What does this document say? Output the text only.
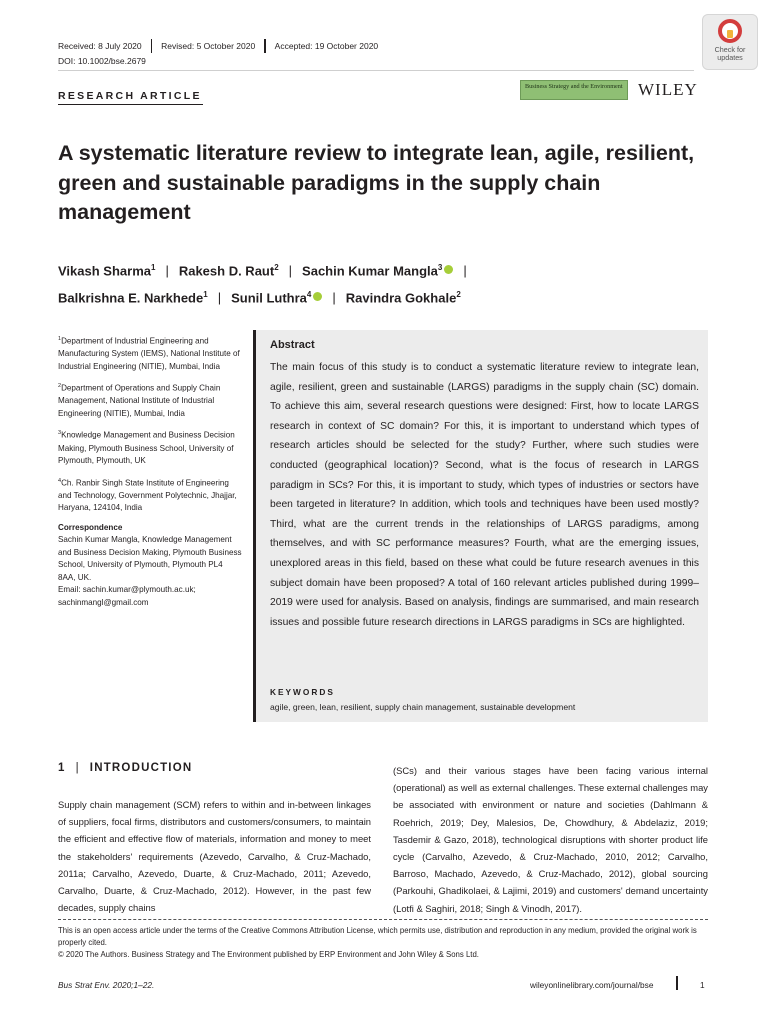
Received: 8 July 2020 Revised: 5 October 2020 Accepted: 19 October 2020
DOI: 10.1002/bse.2679
Check for updates
RESEARCH ARTICLE
Business Strategy and the Environment WILEY
A systematic literature review to integrate lean, agile, resilient, green and sustainable paradigms in the supply chain management
Vikash Sharma$^1$ | Rakesh D. Raut$^2$ | Sachin Kumar Mangla$^3$ |
Balkrishna E. Narkhede$^1$ | Sunil Luthra$^4$ | Ravindra Gokhale$^2$

$^1$Department of Industrial Engineering and Manufacturing System (IEMS), National Institute of Industrial Engineering (NITIE), Mumbai, India

$^2$Department of Operations and Supply Chain Management, National Institute of Industrial Engineering (NITIE), Mumbai, India

$^3$Knowledge Management and Business Decision Making, Plymouth Business School, University of Plymouth, Plymouth, UK

$^4$Ch. Ranbir Singh State Institute of Engineering and Technology, Government Polytechnic, Jhajjar, Haryana, 124104, India

Correspondence
Sachin Kumar Mangla, Knowledge Management and Business Decision Making, Plymouth Business School, University of Plymouth, Plymouth PL4 8AA, UK.
Email: sachin.kumar@plymouth.ac.uk; sachinmangl@gmail.com
Abstract
The main focus of this study is to conduct a systematic literature review to integrate lean, agile, resilient, green and sustainable (LARGS) paradigms in the supply chain (SC) domain. To achieve this aim, several research questions were designed: First, how to locate LARGS research in context of SC domain? For this, it is important to understand which types of research articles should be selected for the study? Further, where such studies were conducted (geographical location)? Second, what is the focus of research in LARGS paradigm in SCs? For this, it is important to study, which types of industries or sectors have been targeted in literature? In addition, which tools and techniques have been used mostly? Third, what are the current trends in the relationships of LARGS paradigms, among themselves, and with SC performance measures? Fourth, what are the emerging issues, unexplored areas in this field, based on these what could be future research avenues in this subject domain have been proposed? A total of 160 relevant articles published during 1999–2019 were used for analysis. Based on analysis, findings are summarised, and main research issues and possible future research directions in LARGS paradigms in SCs are highlighted.
KEYWORDS
agile, green, lean, resilient, supply chain management, sustainable development
1 | INTRODUCTION
Supply chain management (SCM) refers to within and in-between linkages of suppliers, focal firms, distributors and customers/consumers, to maintain the efficient and effective flow of materials, information and money to meet the stakeholders' requirements (Azevedo, Carvalho, & Cruz-Machado, 2011a; Carvalho, Azevedo, Duarte, & Cruz-Machado, 2011; Azevedo, Carvalho, Duarte, & Cruz-Machado, 2012). However, in the past few decades, supply chains
(SCs) and their various stages have been facing various internal (operational) as well as external challenges. These external challenges may be associated with environment or nature and societies (Dahlmann & Roehrich, 2019; Dey, Malesios, De, Chowdhury, & Abdelaziz, 2019; Tasdemir & Gazo, 2018), technological disruptions with shorter product life cycle (Carvalho, Azevedo, & Cruz-Machado, 2010, 2012; Carvalho, Barroso, Machado, Azevedo, & Cruz-Machado, 2012), global sourcing (Parkouhi, Ghadikolaei, & Lajimi, 2019) and customers' demand uncertainty (Lotfi & Saghiri, 2018; Singh & Vinodh, 2017).
This is an open access article under the terms of the Creative Commons Attribution License, which permits use, distribution and reproduction in any medium, provided the original work is properly cited.
© 2020 The Authors. Business Strategy and The Environment published by ERP Environment and John Wiley & Sons Ltd.
Bus Strat Env. 2020;1–22.	wileyonlinelibrary.com/journal/bse	1
